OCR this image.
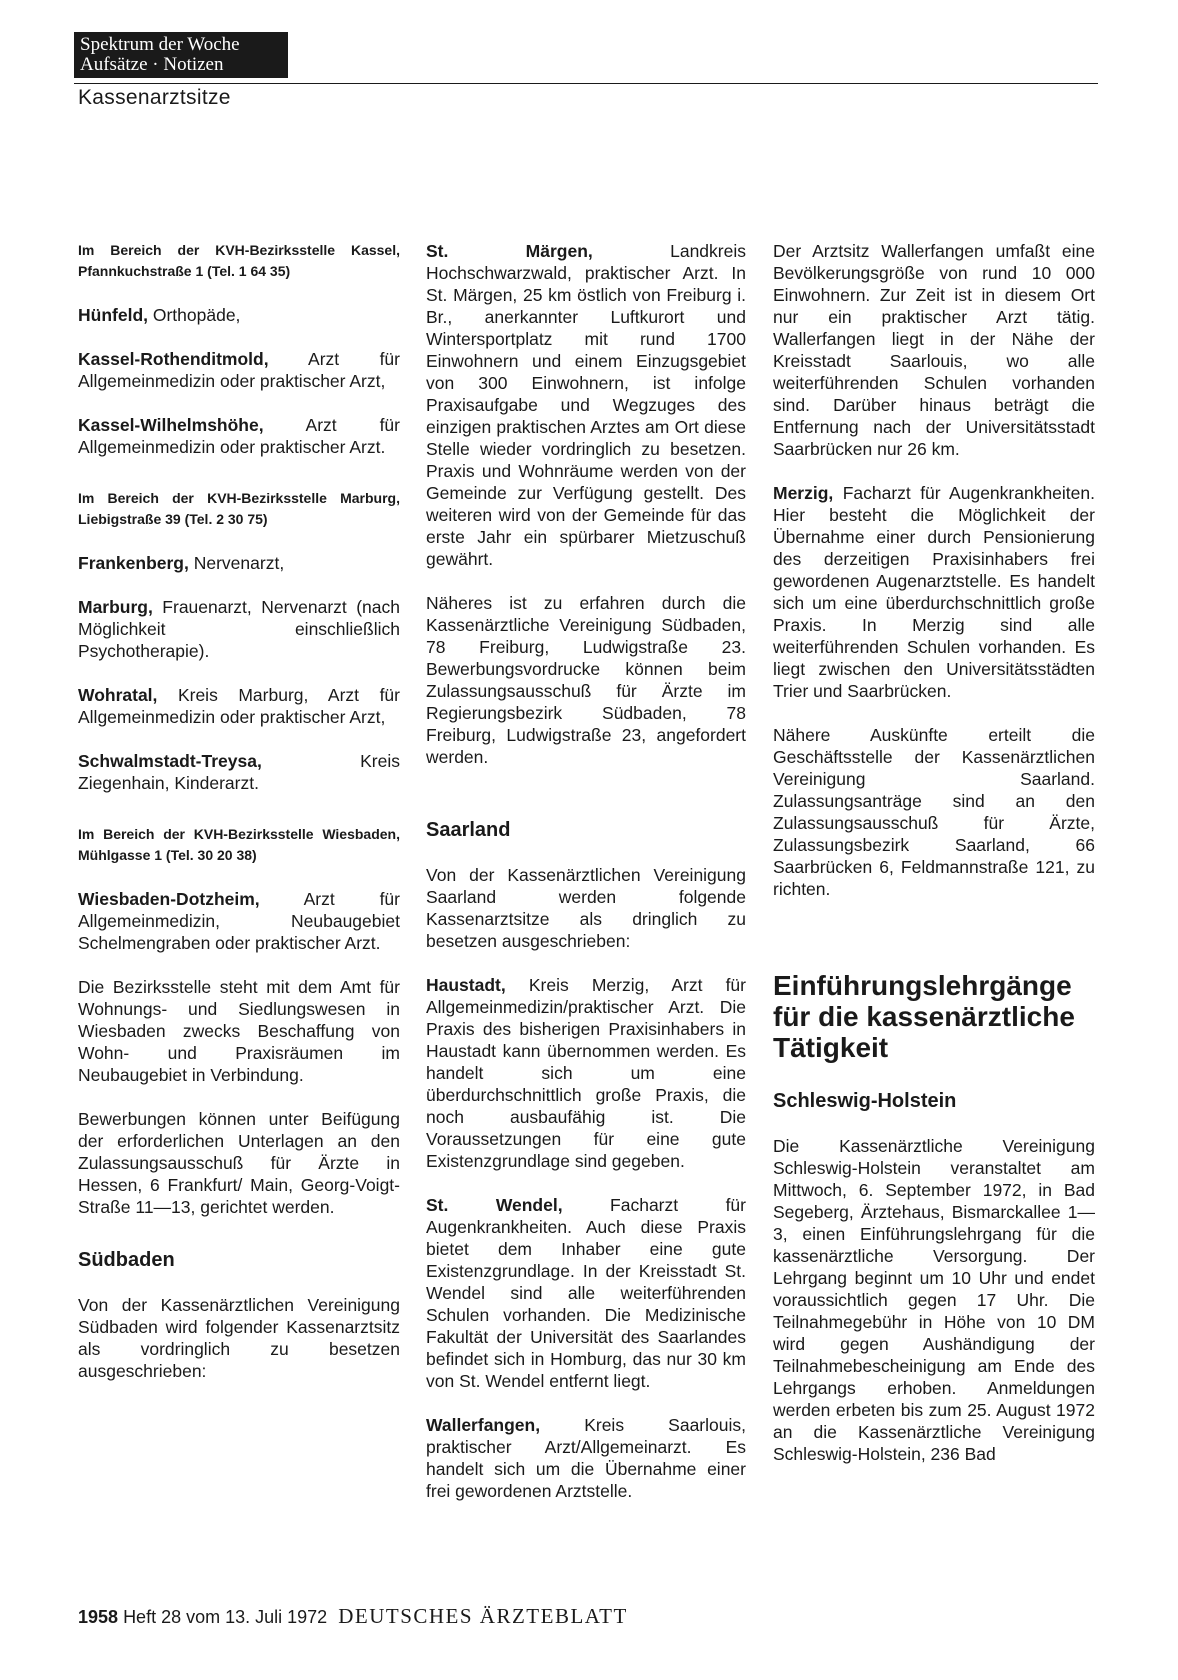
Spektrum der Woche
Aufsätze · Notizen
Kassenarztsitze
Im Bereich der KVH-Bezirksstelle Kassel, Pfannkuchstraße 1 (Tel. 1 64 35)

Hünfeld, Orthopäde,

Kassel-Rothenditmold, Arzt für Allgemeinmedizin oder praktischer Arzt,

Kassel-Wilhelmshöhe, Arzt für Allgemeinmedizin oder praktischer Arzt.

Im Bereich der KVH-Bezirksstelle Marburg, Liebigstraße 39 (Tel. 2 30 75)

Frankenberg, Nervenarzt,

Marburg, Frauenarzt, Nervenarzt (nach Möglichkeit einschließlich Psychotherapie).

Wohratal, Kreis Marburg, Arzt für Allgemeinmedizin oder praktischer Arzt,

Schwalmstadt-Treysa, Kreis Ziegenhain, Kinderarzt.

Im Bereich der KVH-Bezirksstelle Wiesbaden, Mühlgasse 1 (Tel. 30 20 38)

Wiesbaden-Dotzheim, Arzt für Allgemeinmedizin, Neubaugebiet Schelmengraben oder praktischer Arzt.

Die Bezirksstelle steht mit dem Amt für Wohnungs- und Siedlungswesen in Wiesbaden zwecks Beschaffung von Wohn- und Praxisräumen im Neubaugebiet in Verbindung.

Bewerbungen können unter Beifügung der erforderlichen Unterlagen an den Zulassungsausschuß für Ärzte in Hessen, 6 Frankfurt/ Main, Georg-Voigt-Straße 11—13, gerichtet werden.

Südbaden

Von der Kassenärztlichen Vereinigung Südbaden wird folgender Kassenarztsitz als vordringlich zu besetzen ausgeschrieben:

St. Märgen, Landkreis Hochschwarzwald, praktischer Arzt. In St. Märgen, 25 km östlich von Freiburg i. Br., anerkannter Luftkurort und Wintersportplatz mit rund 1700 Einwohnern und einem Einzugsgebiet von 300 Einwohnern, ist infolge Praxisaufgabe und Wegzuges des einzigen praktischen Arztes am Ort diese Stelle wieder vordringlich zu besetzen. Praxis und Wohnräume werden von der Gemeinde zur Verfügung gestellt. Des weiteren wird von der Gemeinde für das erste Jahr ein spürbarer Mietzuschuß gewährt.

Näheres ist zu erfahren durch die Kassenärztliche Vereinigung Südbaden, 78 Freiburg, Ludwigstraße 23. Bewerbungsvordrucke können beim Zulassungsausschuß für Ärzte im Regierungsbezirk Südbaden, 78 Freiburg, Ludwigstraße 23, angefordert werden.

Saarland

Von der Kassenärztlichen Vereinigung Saarland werden folgende Kassenarztsitze als dringlich zu besetzen ausgeschrieben:

Haustadt, Kreis Merzig, Arzt für Allgemeinmedizin/praktischer Arzt. Die Praxis des bisherigen Praxisinhabers in Haustadt kann übernommen werden. Es handelt sich um eine überdurchschnittlich große Praxis, die noch ausbaufähig ist. Die Voraussetzungen für eine gute Existenzgrundlage sind gegeben.

St. Wendel, Facharzt für Augenkrankheiten. Auch diese Praxis bietet dem Inhaber eine gute Existenzgrundlage. In der Kreisstadt St. Wendel sind alle weiterführenden Schulen vorhanden. Die Medizinische Fakultät der Universität des Saarlandes befindet sich in Homburg, das nur 30 km von St. Wendel entfernt liegt.

Wallerfangen, Kreis Saarlouis, praktischer Arzt/Allgemeinarzt. Es handelt sich um die Übernahme einer frei gewordenen Arztstelle.

Der Arztsitz Wallerfangen umfaßt eine Bevölkerungsgröße von rund 10 000 Einwohnern. Zur Zeit ist in diesem Ort nur ein praktischer Arzt tätig. Wallerfangen liegt in der Nähe der Kreisstadt Saarlouis, wo alle weiterführenden Schulen vorhanden sind. Darüber hinaus beträgt die Entfernung nach der Universitätsstadt Saarbrücken nur 26 km.

Merzig, Facharzt für Augenkrankheiten. Hier besteht die Möglichkeit der Übernahme einer durch Pensionierung des derzeitigen Praxisinhabers frei gewordenen Augenarztstelle. Es handelt sich um eine überdurchschnittlich große Praxis. In Merzig sind alle weiterführenden Schulen vorhanden. Es liegt zwischen den Universitätsstädten Trier und Saarbrücken.

Nähere Auskünfte erteilt die Geschäftsstelle der Kassenärztlichen Vereinigung Saarland. Zulassungsanträge sind an den Zulassungsausschuß für Ärzte, Zulassungsbezirk Saarland, 66 Saarbrücken 6, Feldmannstraße 121, zu richten.

Einführungslehrgänge für die kassenärztliche Tätigkeit
Schleswig-Holstein

Die Kassenärztliche Vereinigung Schleswig-Holstein veranstaltet am Mittwoch, 6. September 1972, in Bad Segeberg, Ärztehaus, Bismarckallee 1—3, einen Einführungslehrgang für die kassenärztliche Versorgung. Der Lehrgang beginnt um 10 Uhr und endet voraussichtlich gegen 17 Uhr. Die Teilnahmegebühr in Höhe von 10 DM wird gegen Aushändigung der Teilnahmebescheinigung am Ende des Lehrgangs erhoben. Anmeldungen werden erbeten bis zum 25. August 1972 an die Kassenärztliche Vereinigung Schleswig-Holstein, 236 Bad

1958 Heft 28 vom 13. Juli 1972 DEUTSCHES ÄRZTEBLATT
